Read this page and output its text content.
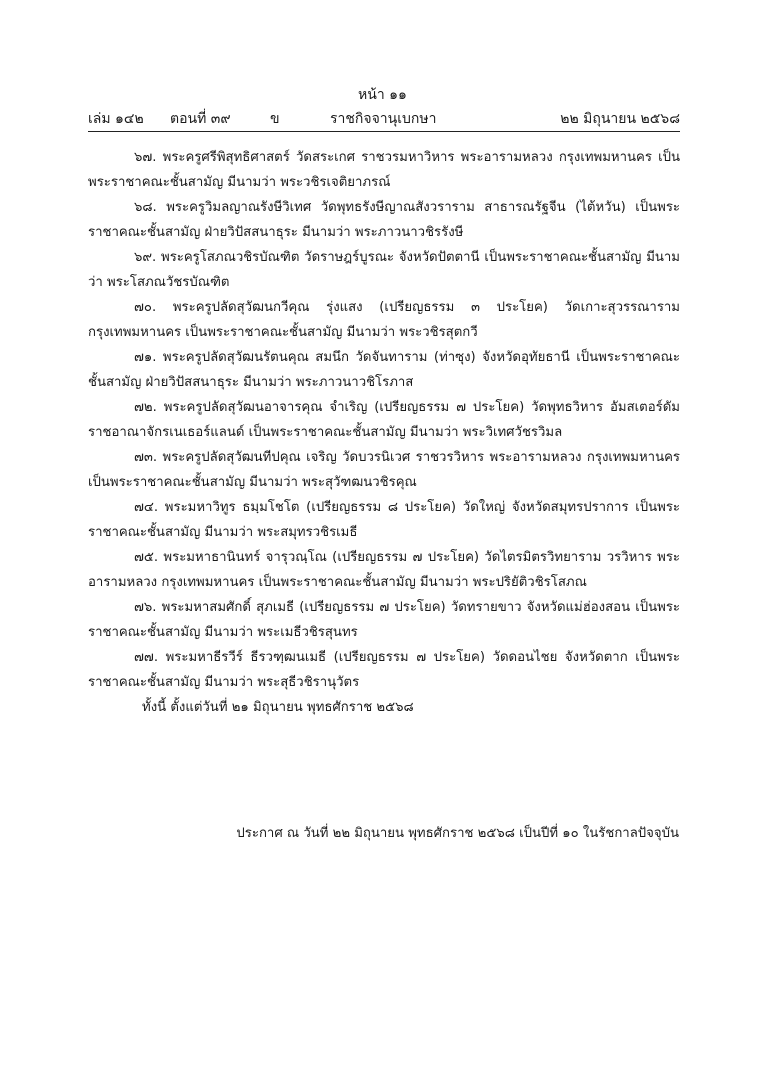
หน้า ๑๑
เล่ม ๑๔๒ ตอนที่ ๓๙	ข	ราชกิจจานุเบกษา	๒๒ มิถุนายน ๒๕๖๘

๖๗. พระครูศรีพิสุทธิศาสตร์ วัดสระเกศ ราชวรมหาวิหาร พระอารามหลวง กรุงเทพมหานคร เป็นพระราชาคณะชั้นสามัญ มีนามว่า พระวชิรเจติยาภรณ์

๖๘. พระครูวิมลญาณรังษีวิเทศ วัดพุทธรังษีญาณสังวราราม สาธารณรัฐจีน (ไต้หวัน) เป็นพระราชาคณะชั้นสามัญ ฝ่ายวิปัสสนาธุระ มีนามว่า พระภาวนาวชิรรังษี

๖๙. พระครูโสภณวชิรบัณฑิต วัดราษฎร์บูรณะ จังหวัดปัตตานี เป็นพระราชาคณะชั้นสามัญ มีนามว่า พระโสภณวัชรบัณฑิต

๗๐. พระครูปลัดสุวัฒนกวีคุณ รุ่งแสง (เปรียญธรรม ๓ ประโยค) วัดเกาะสุวรรณาราม กรุงเทพมหานคร เป็นพระราชาคณะชั้นสามัญ มีนามว่า พระวชิรสุตกวี

๗๑. พระครูปลัดสุวัฒนรัตนคุณ สมนึก วัดจันทาราม (ท่าซุง) จังหวัดอุทัยธานี เป็นพระราชาคณะชั้นสามัญ ฝ่ายวิปัสสนาธุระ มีนามว่า พระภาวนาวชิโรภาส

๗๒. พระครูปลัดสุวัฒนอาจารคุณ จำเริญ (เปรียญธรรม ๗ ประโยค) วัดพุทธวิหาร อัมสเตอร์ดัม ราชอาณาจักรเนเธอร์แลนด์ เป็นพระราชาคณะชั้นสามัญ มีนามว่า พระวิเทศวัชรวิมล

๗๓. พระครูปลัดสุวัฒนทีปคุณ เจริญ วัดบวรนิเวศ ราชวรวิหาร พระอารามหลวง กรุงเทพมหานคร เป็นพระราชาคณะชั้นสามัญ มีนามว่า พระสุวัฑฒนวชิรคุณ

๗๔. พระมหาวิทูร ธมฺมโชโต (เปรียญธรรม ๘ ประโยค) วัดใหญ่ จังหวัดสมุทรปราการ เป็นพระราชาคณะชั้นสามัญ มีนามว่า พระสมุทรวชิรเมธี

๗๕. พระมหาธานินทร์ จารุวณฺโณ (เปรียญธรรม ๗ ประโยค) วัดไตรมิตรวิทยาราม วรวิหาร พระอารามหลวง กรุงเทพมหานคร เป็นพระราชาคณะชั้นสามัญ มีนามว่า พระปริยัติวชิรโสภณ

๗๖. พระมหาสมศักดิ์ สุภเมธี (เปรียญธรรม ๗ ประโยค) วัดทรายขาว จังหวัดแม่ฮ่องสอน เป็นพระราชาคณะชั้นสามัญ มีนามว่า พระเมธีวชิรสุนทร

๗๗. พระมหาธีรวีร์ ธีรวฑฺฒนเมธี (เปรียญธรรม ๗ ประโยค) วัดดอนไชย จังหวัดตาก เป็นพระราชาคณะชั้นสามัญ มีนามว่า พระสุธีวชิรานุวัตร

ทั้งนี้ ตั้งแต่วันที่ ๒๑ มิถุนายน พุทธศักราช ๒๕๖๘

ประกาศ ณ วันที่ ๒๒ มิถุนายน พุทธศักราช ๒๕๖๘ เป็นปีที่ ๑๐ ในรัชกาลปัจจุบัน
